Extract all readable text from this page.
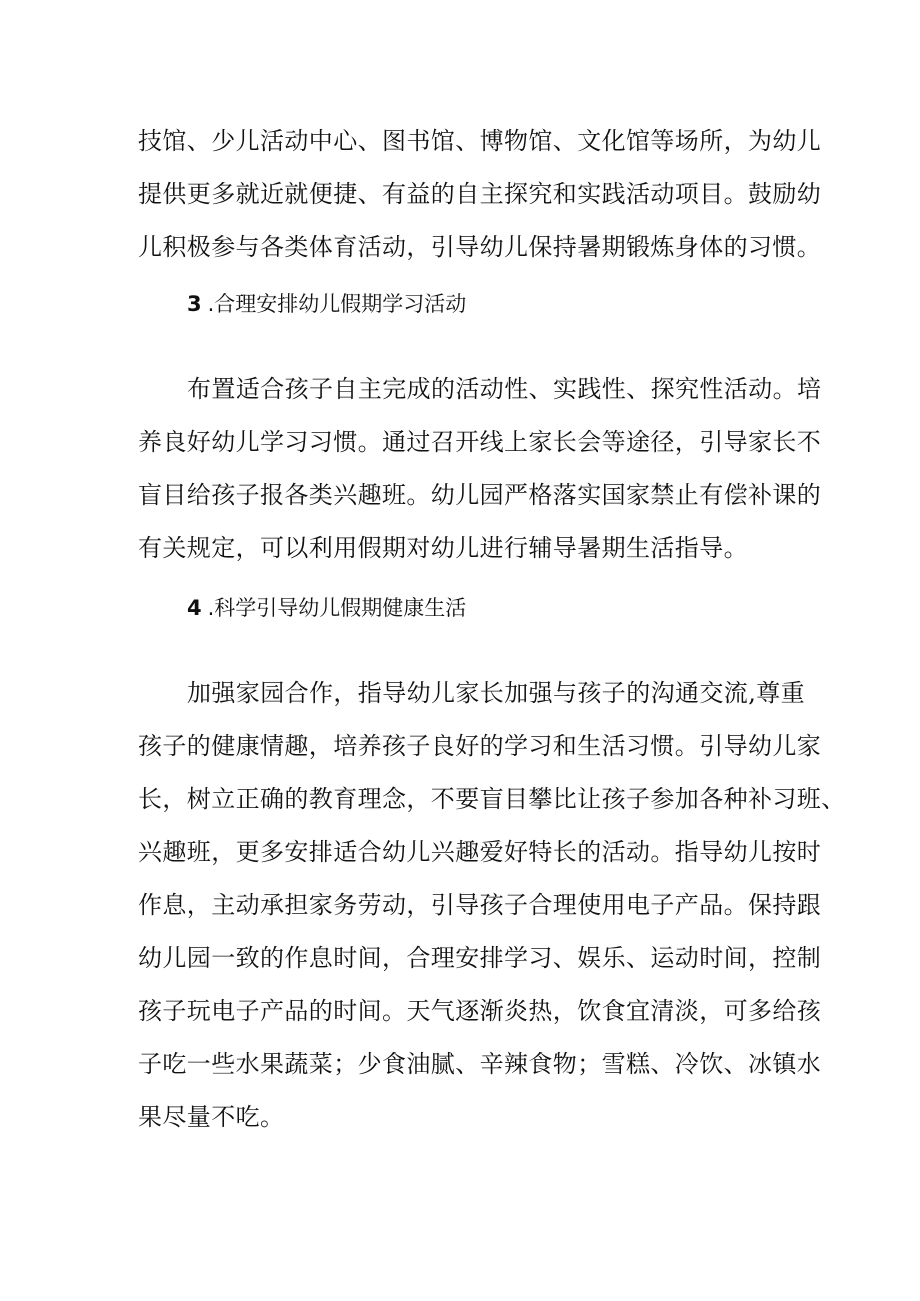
技馆、少儿活动中心、图书馆、博物馆、文化馆等场所，为幼儿
提供更多就近就便捷、有益的自主探究和实践活动项目。鼓励幼
儿积极参与各类体育活动，引导幼儿保持暑期锻炼身体的习惯。
3 .合理安排幼儿假期学习活动
布置适合孩子自主完成的活动性、实践性、探究性活动。培
养良好幼儿学习习惯。通过召开线上家长会等途径，引导家长不
盲目给孩子报各类兴趣班。幼儿园严格落实国家禁止有偿补课的
有关规定，可以利用假期对幼儿进行辅导暑期生活指导。
4 .科学引导幼儿假期健康生活
加强家园合作，指导幼儿家长加强与孩子的沟通交流,尊重
孩子的健康情趣，培养孩子良好的学习和生活习惯。引导幼儿家
长，树立正确的教育理念，不要盲目攀比让孩子参加各种补习班、
兴趣班，更多安排适合幼儿兴趣爱好特长的活动。指导幼儿按时
作息，主动承担家务劳动，引导孩子合理使用电子产品。保持跟
幼儿园一致的作息时间，合理安排学习、娱乐、运动时间，控制
孩子玩电子产品的时间。天气逐渐炎热，饮食宜清淡，可多给孩
子吃一些水果蔬菜；少食油腻、辛辣食物；雪糕、冷饮、冰镇水
果尽量不吃。
